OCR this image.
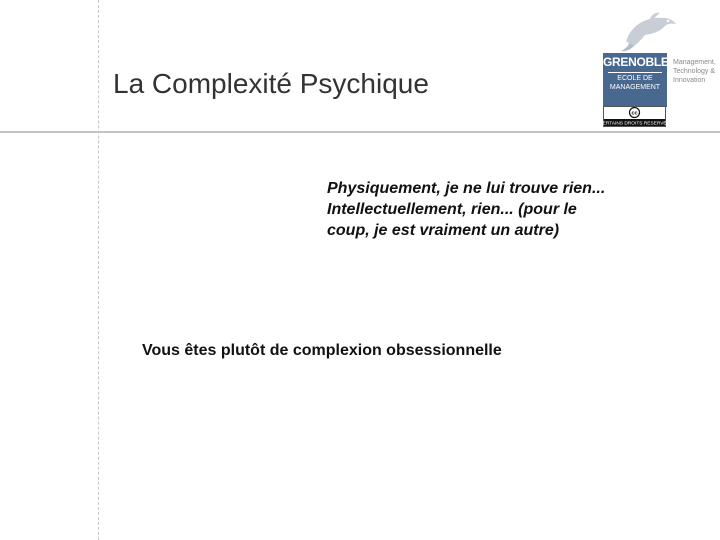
La Complexité Psychique
GRENOBLE
ECOLE DE
MANAGEMENT
Management,
Technology &
Innovation
cc
CERTAINS DROITS RESERVES
Physiquement, je ne lui trouve rien... Intellectuellement, rien... (pour le coup, je est vraiment un autre)
Vous êtes plutôt de complexion obsessionnelle
